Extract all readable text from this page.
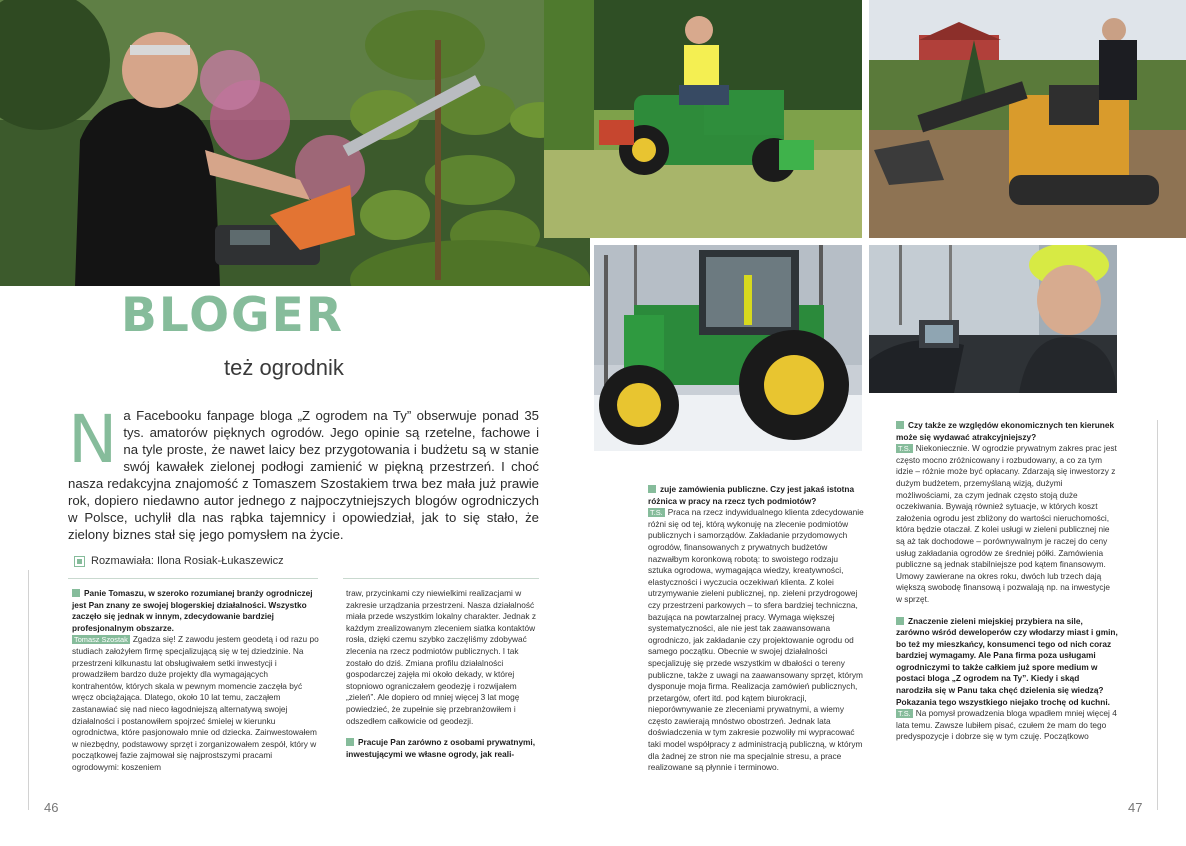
BLOGER
też ogrodnik
N a Facebooku fanpage bloga „Z ogrodem na Ty” obserwuje ponad 35 tys. amatorów pięknych ogrodów. Jego opinie są rzetelne, fachowe i na tyle proste, że nawet laicy bez przygotowania i budżetu są w stanie swój kawałek zielonej podłogi zamienić w piękną przestrzeń. I choć nasza redakcyjna znajomość z Tomaszem Szostakiem trwa bez mała już prawie rok, dopiero niedawno autor jednego z najpoczytniejszych blogów ogrodniczych w Polsce, uchylił dla nas rąbka tajemnicy i opowiedział, jak to się stało, że zielony biznes stał się jego pomysłem na życie.
Rozmawiała: Ilona Rosiak-Łukaszewicz

Panie Tomaszu, w szeroko rozumianej branży ogrodniczej jest Pan znany ze swojej blogerskiej działalności. Wszystko zaczęło się jednak w innym, zdecydowanie bardziej profesjonalnym obszarze.

Tomasz Szostak Zgadza się! Z zawodu jestem geodetą i od razu po studiach założyłem firmę specjalizującą się w tej dziedzinie. Na przestrzeni kilkunastu lat obsługiwałem setki inwestycji i prowadziłem bardzo duże projekty dla wymagających kontrahentów, których skala w pewnym momencie zaczęła być wręcz obciążająca. Dlatego, około 10 lat temu, zacząłem zastanawiać się nad nieco łagodniejszą alternatywą swojej działalności i postanowiłem spojrzeć śmielej w kierunku ogrodnictwa, które pasjonowało mnie od dziecka. Zainwestowałem w niezbędny, podstawowy sprzęt i zorganizowałem zespół, który w początkowej fazie zajmował się najprostszymi pracami ogrodowymi: koszeniem

traw, przycinkami czy niewielkimi realizacjami w zakresie urządzania przestrzeni. Nasza działalność miała przede wszystkim lokalny charakter. Jednak z każdym zrealizowanym zleceniem siatka kontaktów rosła, dzięki czemu szybko zaczęliśmy zdobywać zlecenia na rzecz podmiotów publicznych. I tak zostało do dziś. Zmiana profilu działalności gospodarczej zajęła mi około dekady, w której stopniowo ograniczałem geodezję i rozwijałem „zieleń”. Ale dopiero od mniej więcej 3 lat mogę powiedzieć, że zupełnie się przebranżowiłem i odszedłem całkowicie od geodezji.

Pracuje Pan zarówno z osobami prywatnymi, inwestującymi we własne ogrody, jak reali-

zuje zamówienia publiczne. Czy jest jakaś istotna różnica w pracy na rzecz tych podmiotów?

T.S. Praca na rzecz indywidualnego klienta zdecydowanie różni się od tej, którą wykonuję na zlecenie podmiotów publicznych i samorządów. Zakładanie przydomowych ogrodów, finansowanych z prywatnych budżetów nazwałbym koronkową robotą: to swoistego rodzaju sztuka ogrodowa, wymagająca wiedzy, kreatywności, elastyczności i wyczucia oczekiwań klienta. Z kolei utrzymywanie zieleni publicznej, np. zieleni przydrogowej czy przestrzeni parkowych – to sfera bardziej techniczna, bazująca na powtarzalnej pracy. Wymaga większej systematyczności, ale nie jest tak zaawansowana ogrodniczo, jak zakładanie czy projektowanie ogrodu od samego początku. Obecnie w swojej działalności specjalizuję się przede wszystkim w dbałości o tereny publiczne, także z uwagi na zaawansowany sprzęt, którym dysponuje moja firma. Realizacja zamówień publicznych, przetargów, ofert itd. pod kątem biurokracji, nieporównywanie ze zleceniami prywatnymi, a wiemy często zawierają mnóstwo obostrzeń. Jednak lata doświadczenia w tym zakresie pozwoliły mi wypracować taki model współpracy z administracją publiczną, w którym dla żadnej ze stron nie ma specjalnie stresu, a prace realizowane są płynnie i terminowo.

Czy także ze względów ekonomicznych ten kierunek może się wydawać atrakcyjniejszy?

T.S. Niekoniecznie. W ogrodzie prywatnym zakres prac jest często mocno zróżnicowany i rozbudowany, a co za tym idzie – różnie może być opłacany. Zdarzają się inwestorzy z dużym budżetem, przemyślaną wizją, dużymi możliwościami, za czym jednak często stoją duże oczekiwania. Bywają również sytuacje, w których koszt założenia ogrodu jest zbliżony do wartości nieruchomości, która będzie otaczał. Z kolei usługi w zieleni publicznej nie są aż tak dochodowe – porównywalnym je raczej do ceny usług zakładania ogrodów ze średniej półki. Zamówienia publiczne są jednak stabilniejsze pod kątem finansowym. Umowy zawierane na okres roku, dwóch lub trzech dają większą swobodę finansową i pozwalają np. na inwestycje w sprzęt.

Znaczenie zieleni miejskiej przybiera na sile, zarówno wśród deweloperów czy włodarzy miast i gmin, bo też my mieszkańcy, konsumenci tego od nich coraz bardziej wymagamy. Ale Pana firma poza usługami ogrodniczymi to także całkiem już spore medium w postaci bloga „Z ogrodem na Ty”. Kiedy i skąd narodziła się w Panu taka chęć dzielenia się wiedzą? Pokazania tego wszystkiego niejako trochę od kuchni.

T.S. Na pomysł prowadzenia bloga wpadłem mniej więcej 4 lata temu. Zawsze lubiłem pisać, czułem że mam do tego predyspozycje i dobrze się w tym czuję. Początkowo

46	47
